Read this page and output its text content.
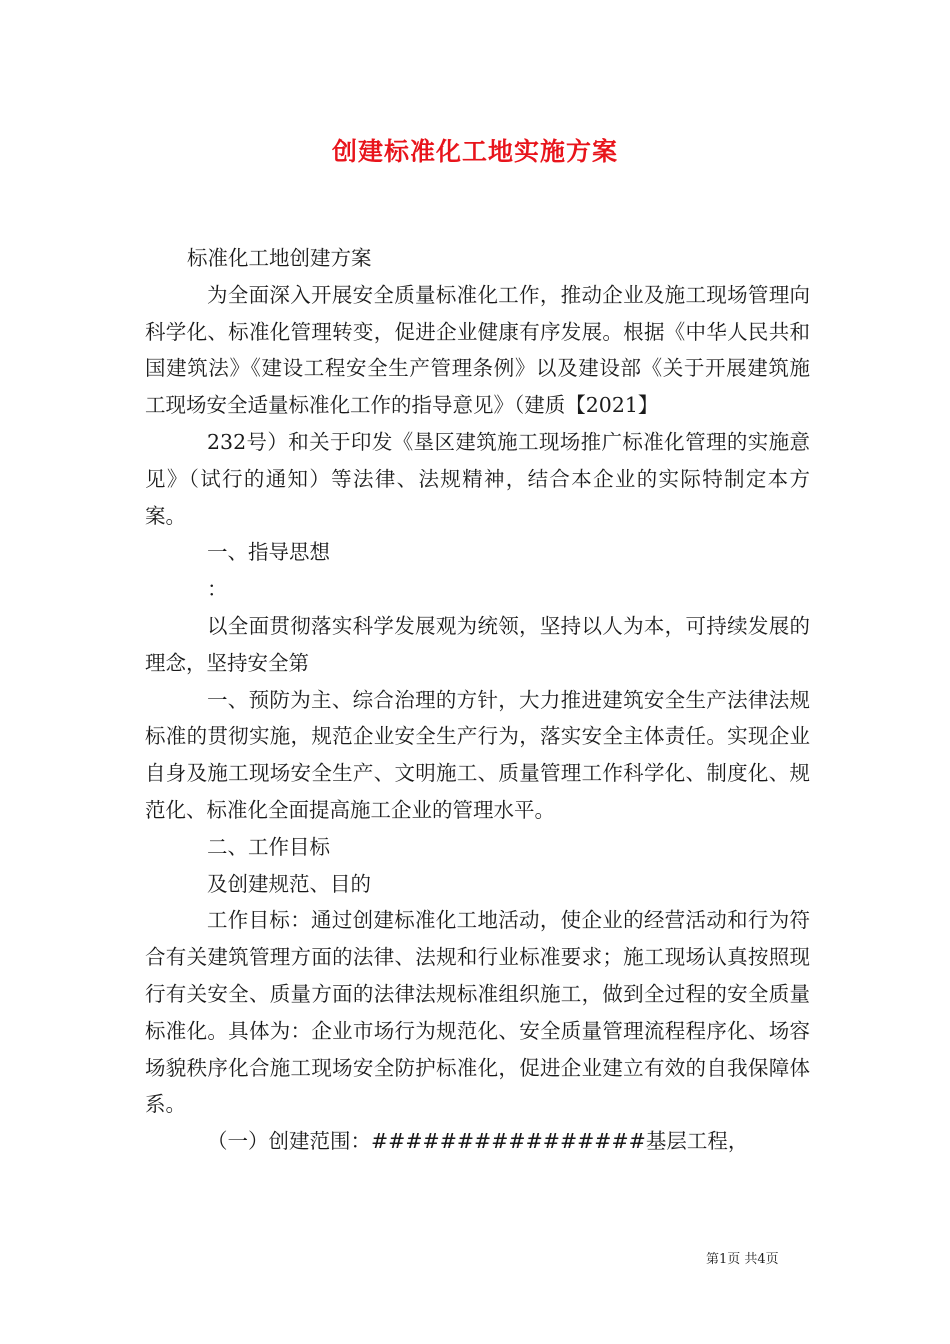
创建标准化工地实施方案

标准化工地创建方案

为全面深入开展安全质量标准化工作，推动企业及施工现场管理向科学化、标准化管理转变，促进企业健康有序发展。根据《中华人民共和国建筑法》《建设工程安全生产管理条例》以及建设部《关于开展建筑施工现场安全适量标准化工作的指导意见》（建质【2021】

232号）和关于印发《垦区建筑施工现场推广标准化管理的实施意见》（试行的通知）等法律、法规精神，结合本企业的实际特制定本方案。

一、指导思想

：

以全面贯彻落实科学发展观为统领，坚持以人为本，可持续发展的理念，坚持安全第

一、预防为主、综合治理的方针，大力推进建筑安全生产法律法规标准的贯彻实施，规范企业安全生产行为，落实安全主体责任。实现企业自身及施工现场安全生产、文明施工、质量管理工作科学化、制度化、规范化、标准化全面提高施工企业的管理水平。

二、工作目标

及创建规范、目的

工作目标：通过创建标准化工地活动，使企业的经营活动和行为符合有关建筑管理方面的法律、法规和行业标准要求；施工现场认真按照现行有关安全、质量方面的法律法规标准组织施工，做到全过程的安全质量标准化。具体为：企业市场行为规范化、安全质量管理流程程序化、场容场貌秩序化合施工现场安全防护标准化，促进企业建立有效的自我保障体系。

（一）创建范围：################基层工程，

第1页 共4页
